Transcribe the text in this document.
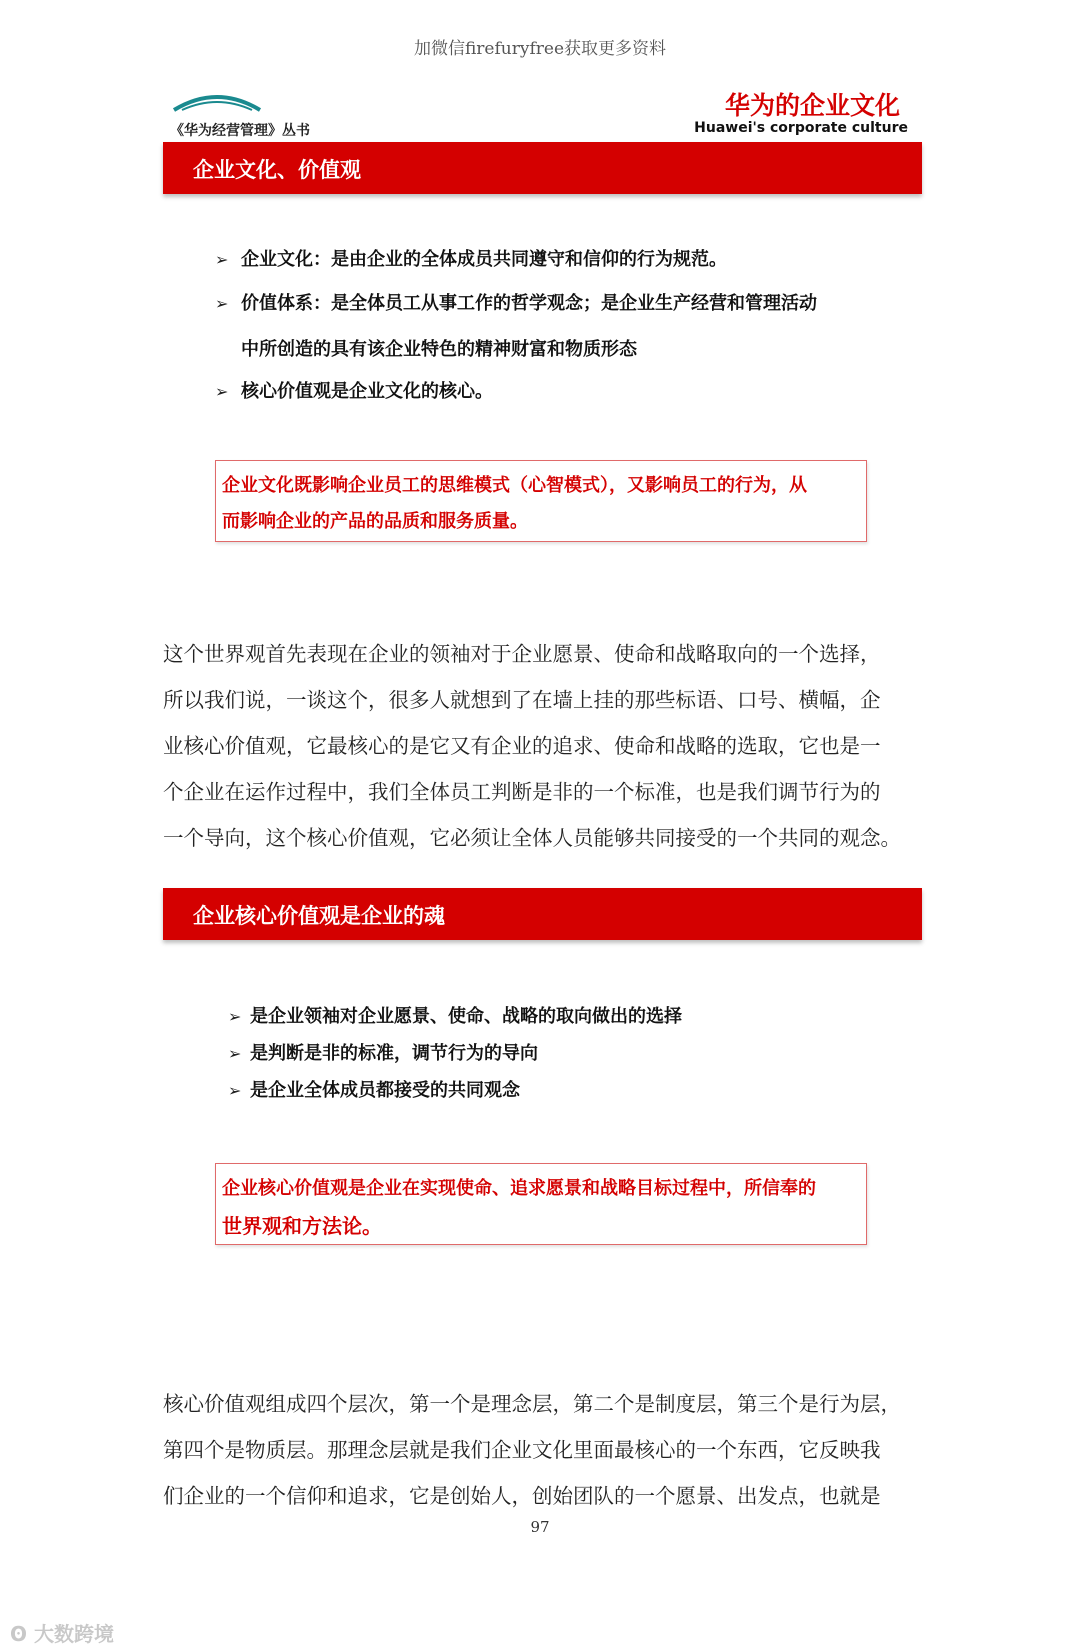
加微信firefuryfree获取更多资料
《华为经营管理》丛书
华为的企业文化
Huawei's corporate culture
企业文化、价值观
➢ 企业文化：是由企业的全体成员共同遵守和信仰的行为规范。
➢ 价值体系：是全体员工从事工作的哲学观念；是企业生产经营和管理活动
中所创造的具有该企业特色的精神财富和物质形态
➢ 核心价值观是企业文化的核心。
企业文化既影响企业员工的思维模式（心智模式），又影响员工的行为，从
而影响企业的产品的品质和服务质量。
这个世界观首先表现在企业的领袖对于企业愿景、使命和战略取向的一个选择，
所以我们说，一谈这个，很多人就想到了在墙上挂的那些标语、口号、横幅，企
业核心价值观，它最核心的是它又有企业的追求、使命和战略的选取，它也是一
个企业在运作过程中，我们全体员工判断是非的一个标准，也是我们调节行为的
一个导向，这个核心价值观，它必须让全体人员能够共同接受的一个共同的观念。
企业核心价值观是企业的魂
➢ 是企业领袖对企业愿景、使命、战略的取向做出的选择
➢ 是判断是非的标准，调节行为的导向
➢ 是企业全体成员都接受的共同观念
企业核心价值观是企业在实现使命、追求愿景和战略目标过程中，所信奉的
世界观和方法论。
核心价值观组成四个层次，第一个是理念层，第二个是制度层，第三个是行为层，
第四个是物质层。那理念层就是我们企业文化里面最核心的一个东西，它反映我
们企业的一个信仰和追求，它是创始人，创始团队的一个愿景、出发点，也就是
97
ʘ 大数跨境
